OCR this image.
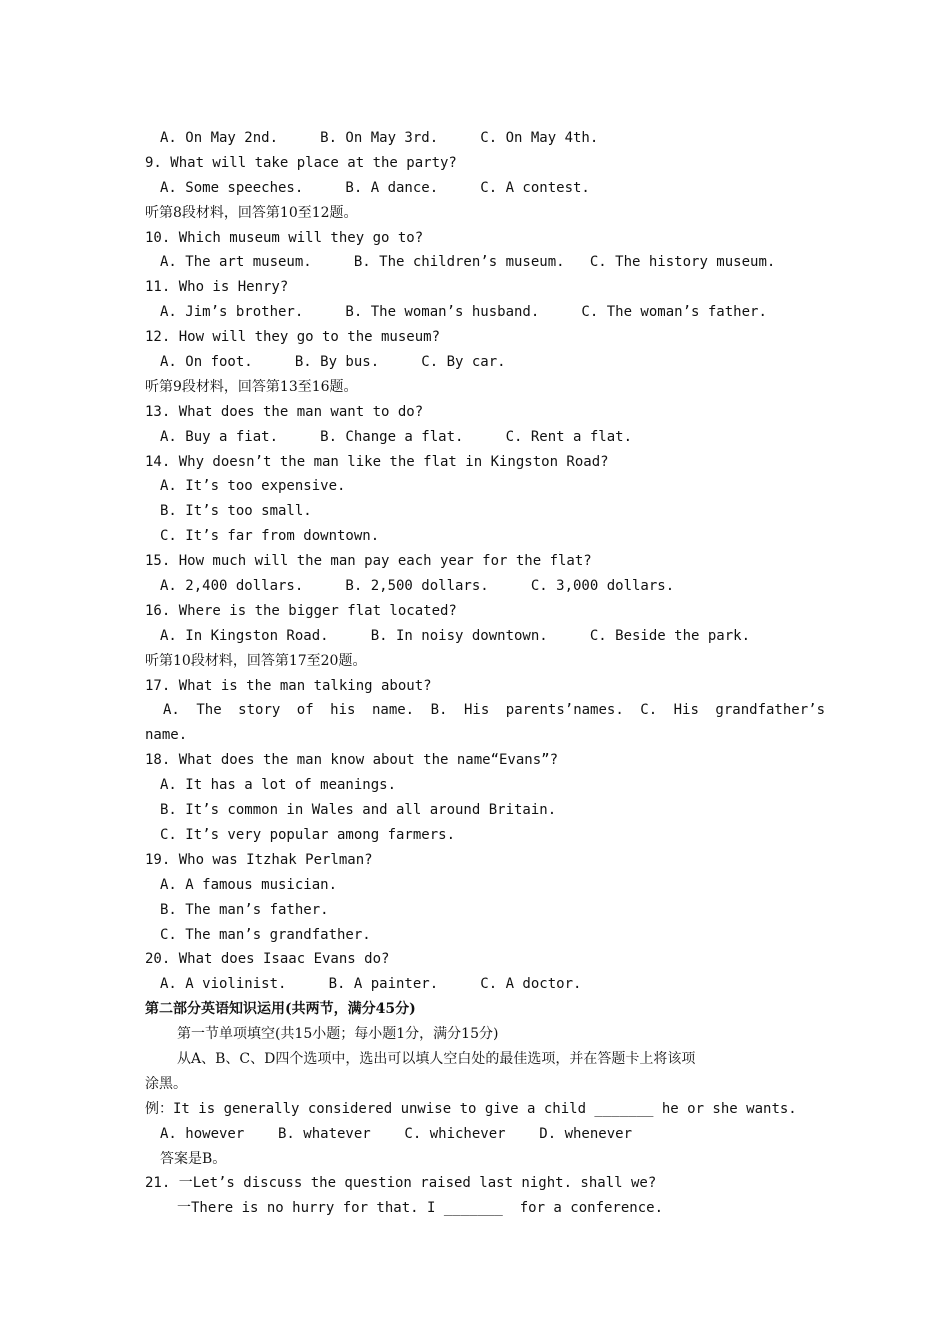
A. On May 2nd.     B. On May 3rd.     C. On May 4th.
9. What will take place at the party?
A. Some speeches.     B. A dance.     C. A contest.
听第8段材料，回答第10至12题。
10. Which museum will they go to?
A. The art museum.     B. The children’s museum.   C. The history museum.
11. Who is Henry?
A. Jim’s brother.     B. The woman’s husband.     C. The woman’s father.
12. How will they go to the museum?
A. On foot.     B. By bus.     C. By car.
听第9段材料，回答第13至16题。
13. What does the man want to do?
A. Buy a fiat.     B. Change a flat.     C. Rent a flat.
14. Why doesn’t the man like the flat in Kingston Road?
A. It’s too expensive.
B. It’s too small.
C. It’s far from downtown.
15. How much will the man pay each year for the flat?
A. 2,400 dollars.     B. 2,500 dollars.     C. 3,000 dollars.
16. Where is the bigger flat located?
A. In Kingston Road.     B. In noisy downtown.     C. Beside the park.
听第10段材料，回答第17至20题。
17. What is the man talking about?
A. The story of his name. B. His parents’names. C. His grandfather’s
name.
18. What does the man know about the name“Evans”?
A. It has a lot of meanings.
B. It’s common in Wales and all around Britain.
C. It’s very popular among farmers.
19. Who was Itzhak Perlman?
A. A famous musician.
B. The man’s father.
C. The man’s grandfather.
20. What does Isaac Evans do?
A. A violinist.     B. A painter.     C. A doctor.
第二部分英语知识运用(共两节，满分45分)
第一节单项填空(共15小题；每小题1分，满分15分)
从A、B、C、D四个选项中，选出可以填人空白处的最佳选项，并在答题卡上将该项
涂黑。
例：It is generally considered unwise to give a child _______ he or she wants.
A. however    B. whatever    C. whichever    D. whenever
答案是B。
21. 一Let’s discuss the question raised last night. shall we?
一There is no hurry for that. I _______  for a conference.
